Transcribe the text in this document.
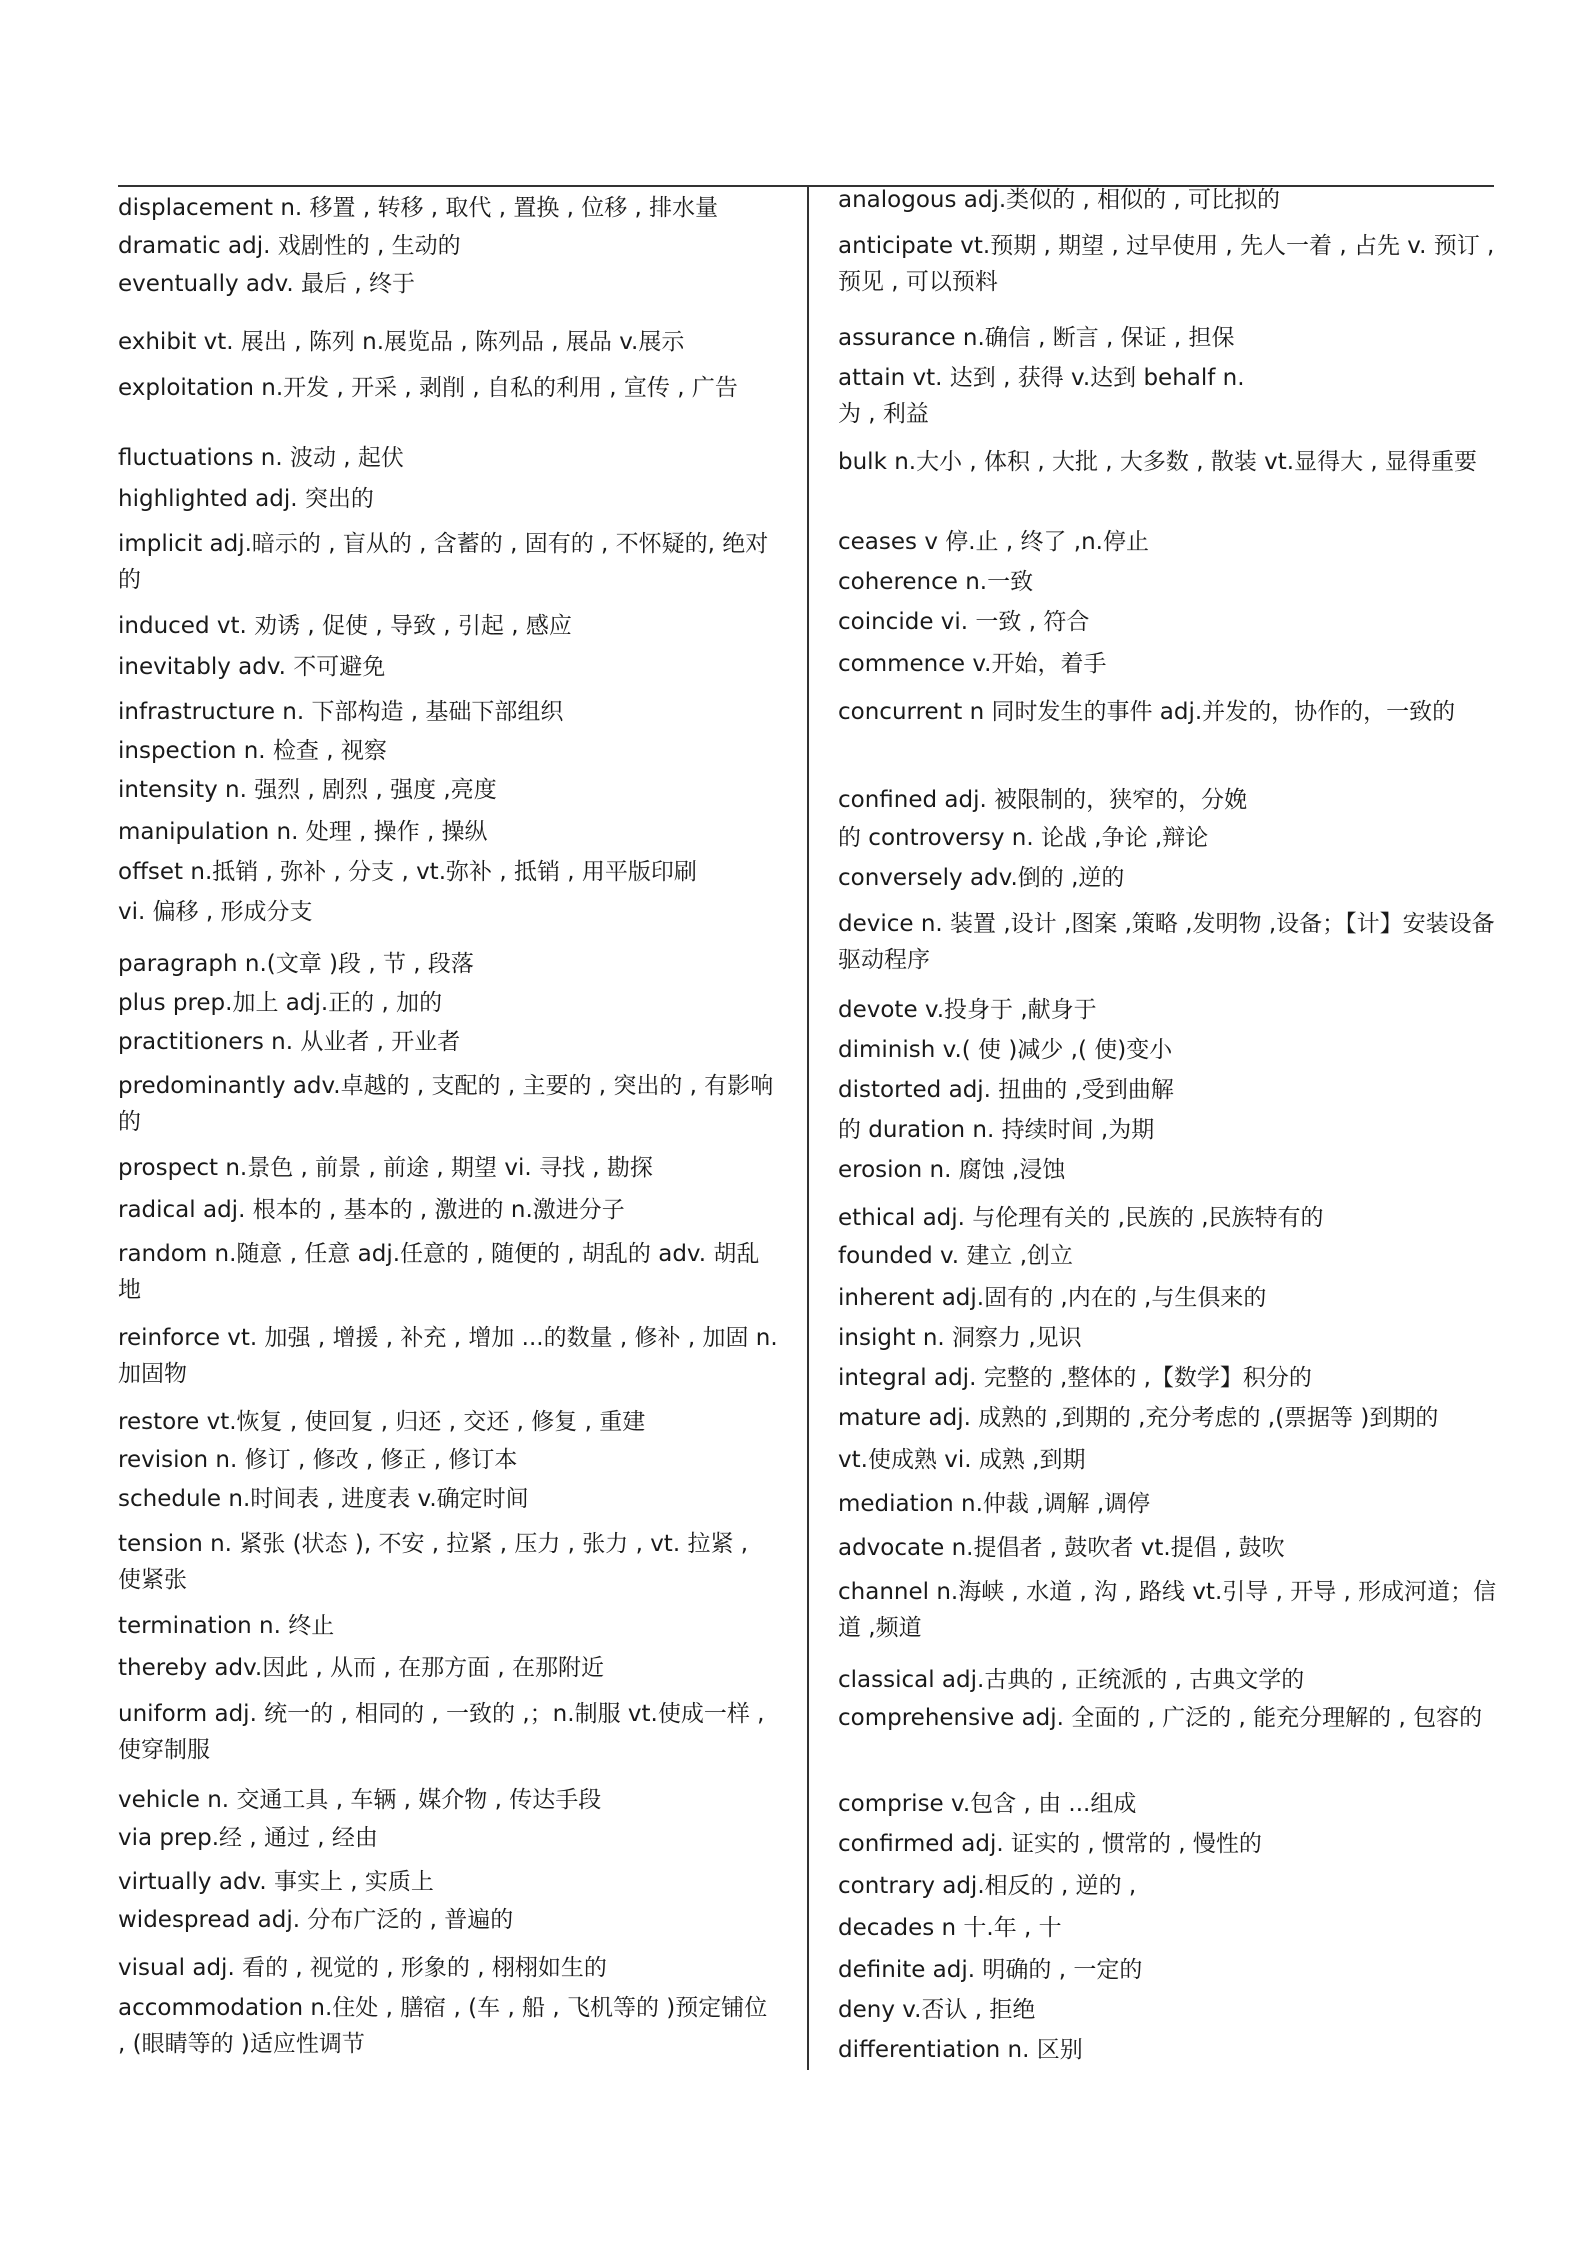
displacement n. 移置 , 转移 , 取代 , 置换 , 位移 , 排水量
dramatic adj. 戏剧性的 , 生动的
eventually adv. 最后 , 终于
exhibit vt. 展出 , 陈列 n.展览品 , 陈列品 , 展品 v.展示
exploitation n.开发 , 开采 , 剥削 , 自私的利用 , 宣传 , 广告
fluctuations n. 波动 , 起伏
highlighted adj. 突出的
implicit adj.暗示的 , 盲从的 , 含蓄的 , 固有的 , 不怀疑的, 绝对的
induced vt. 劝诱 , 促使 , 导致 , 引起 , 感应
inevitably adv. 不可避免
infrastructure n. 下部构造 , 基础下部组织
inspection n. 检查 , 视察
intensity n. 强烈 , 剧烈 , 强度 ,亮度
manipulation n. 处理 , 操作 , 操纵
offset n.抵销 , 弥补 , 分支 , vt.弥补 , 抵销 , 用平版印刷
vi. 偏移 , 形成分支
paragraph n.(文章 )段 , 节 , 段落
plus prep.加上 adj.正的 , 加的
practitioners n. 从业者 , 开业者
predominantly adv.卓越的 , 支配的 , 主要的 , 突出的 , 有影响的
prospect n.景色 , 前景 , 前途 , 期望 vi. 寻找 , 勘探
radical adj. 根本的 , 基本的 , 激进的 n.激进分子
random n.随意 , 任意 adj.任意的 , 随便的 , 胡乱的 adv. 胡乱地
reinforce vt. 加强 , 增援 , 补充 , 增加 ...的数量 , 修补 , 加固 n.加固物
restore vt.恢复 , 使回复 , 归还 , 交还 , 修复 , 重建
revision n. 修订 , 修改 , 修正 , 修订本
schedule n.时间表 , 进度表 v.确定时间
tension n. 紧张 (状态 ), 不安 , 拉紧 , 压力 , 张力 , vt. 拉紧 , 使紧张
termination n. 终止
thereby adv.因此 , 从而 , 在那方面 , 在那附近
uniform adj. 统一的 , 相同的 , 一致的 ,；n.制服 vt.使成一样 , 使穿制服
vehicle n. 交通工具 , 车辆 , 媒介物 , 传达手段
via prep.经 , 通过 , 经由
virtually adv. 事实上 , 实质上
widespread adj. 分布广泛的 , 普遍的
visual adj. 看的 , 视觉的 , 形象的 , 栩栩如生的
accommodation n.住处 , 膳宿 , (车 , 船 , 飞机等的 )预定铺位 , (眼睛等的 )适应性调节
analogous adj.类似的 , 相似的 , 可比拟的
anticipate vt.预期 , 期望 , 过早使用 , 先人一着 , 占先 v. 预订 , 预见 , 可以预料
assurance n.确信 , 断言 , 保证 , 担保
attain vt. 达到 , 获得 v.达到 behalf n.
为 , 利益
bulk n.大小 , 体积 , 大批 , 大多数 , 散装 vt.显得大 , 显得重要
ceases v 停.止 , 终了 ,n.停止
coherence n.一致
coincide vi. 一致 , 符合
commence v.开始，着手
concurrent n 同时发生的事件 adj.并发的，协作的，一致的
confined adj. 被限制的，狭窄的，分娩
的 controversy n. 论战 ,争论 ,辩论
conversely adv.倒的 ,逆的
device n. 装置 ,设计 ,图案 ,策略 ,发明物 ,设备；【计】安装设备驱动程序
devote v.投身于 ,献身于
diminish v.( 使 )减少 ,( 使)变小
distorted adj. 扭曲的 ,受到曲解
的 duration n. 持续时间 ,为期
erosion n. 腐蚀 ,浸蚀
ethical adj. 与伦理有关的 ,民族的 ,民族特有的
founded v. 建立 ,创立
inherent adj.固有的 ,内在的 ,与生俱来的
insight n. 洞察力 ,见识
integral adj. 完整的 ,整体的 ,【数学】积分的
mature adj. 成熟的 ,到期的 ,充分考虑的 ,(票据等 )到期的
vt.使成熟 vi. 成熟 ,到期
mediation n.仲裁 ,调解 ,调停
advocate n.提倡者 , 鼓吹者 vt.提倡 , 鼓吹
channel n.海峡 , 水道 , 沟 , 路线 vt.引导 , 开导 , 形成河道；信道 ,频道
classical adj.古典的 , 正统派的 , 古典文学的
comprehensive adj. 全面的 , 广泛的 , 能充分理解的 , 包容的
comprise v.包含 , 由 ...组成
confirmed adj. 证实的 , 惯常的 , 慢性的
contrary adj.相反的 , 逆的 ,
decades n 十.年 , 十
definite adj. 明确的 , 一定的
deny v.否认 , 拒绝
differentiation n. 区别
